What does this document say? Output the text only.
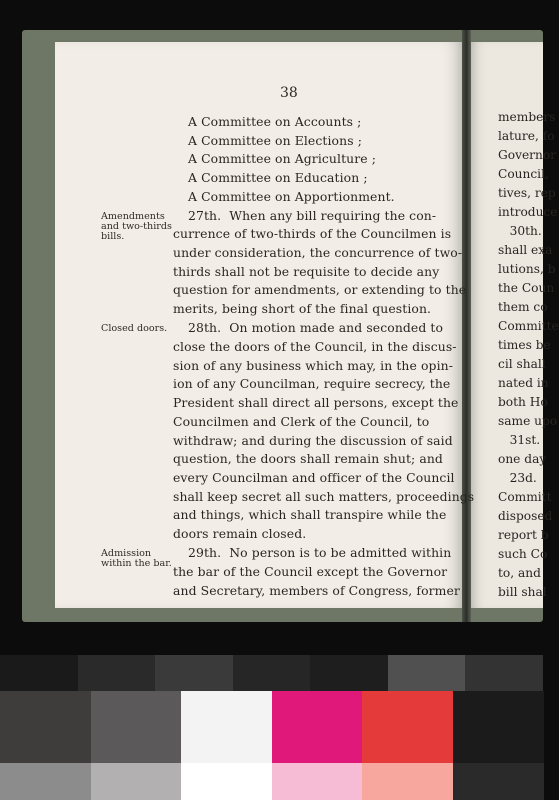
members
lature, fo
Governor
Council,
tives, rep
introduce
30th.
shall exa
lutions, b
the Coun
them co
Committe
times be
cil shall
nated in
both Ho
same upo
31st.
one day
23d.
Committ
disposed
report b
such Co
to, and
bill shal
38
A Committee on Accounts ;
A Committee on Elections ;
A Committee on Agriculture ;
A Committee on Education ;
A Committee on Apportionment.
Amendments
and two-thirds
bills.
27th.  When any bill requiring the con-
currence of two-thirds of the Councilmen is
under consideration, the concurrence of two-
thirds shall not be requisite to decide any
question for amendments, or extending to the
merits, being short of the final question.
Closed doors. 28th.  On motion made and seconded to
close the doors of the Council, in the discus-
sion of any business which may, in the opin-
ion of any Councilman, require secrecy, the
President shall direct all persons, except the
Councilmen and Clerk of the Council, to
withdraw; and during the discussion of said
question, the doors shall remain shut; and
every Councilman and officer of the Council
shall keep secret all such matters, proceedings
and things, which shall transpire while the
doors remain closed.
Admission
within the bar.
29th.  No person is to be admitted within
the bar of the Council except the Governor
and Secretary, members of Congress, former
